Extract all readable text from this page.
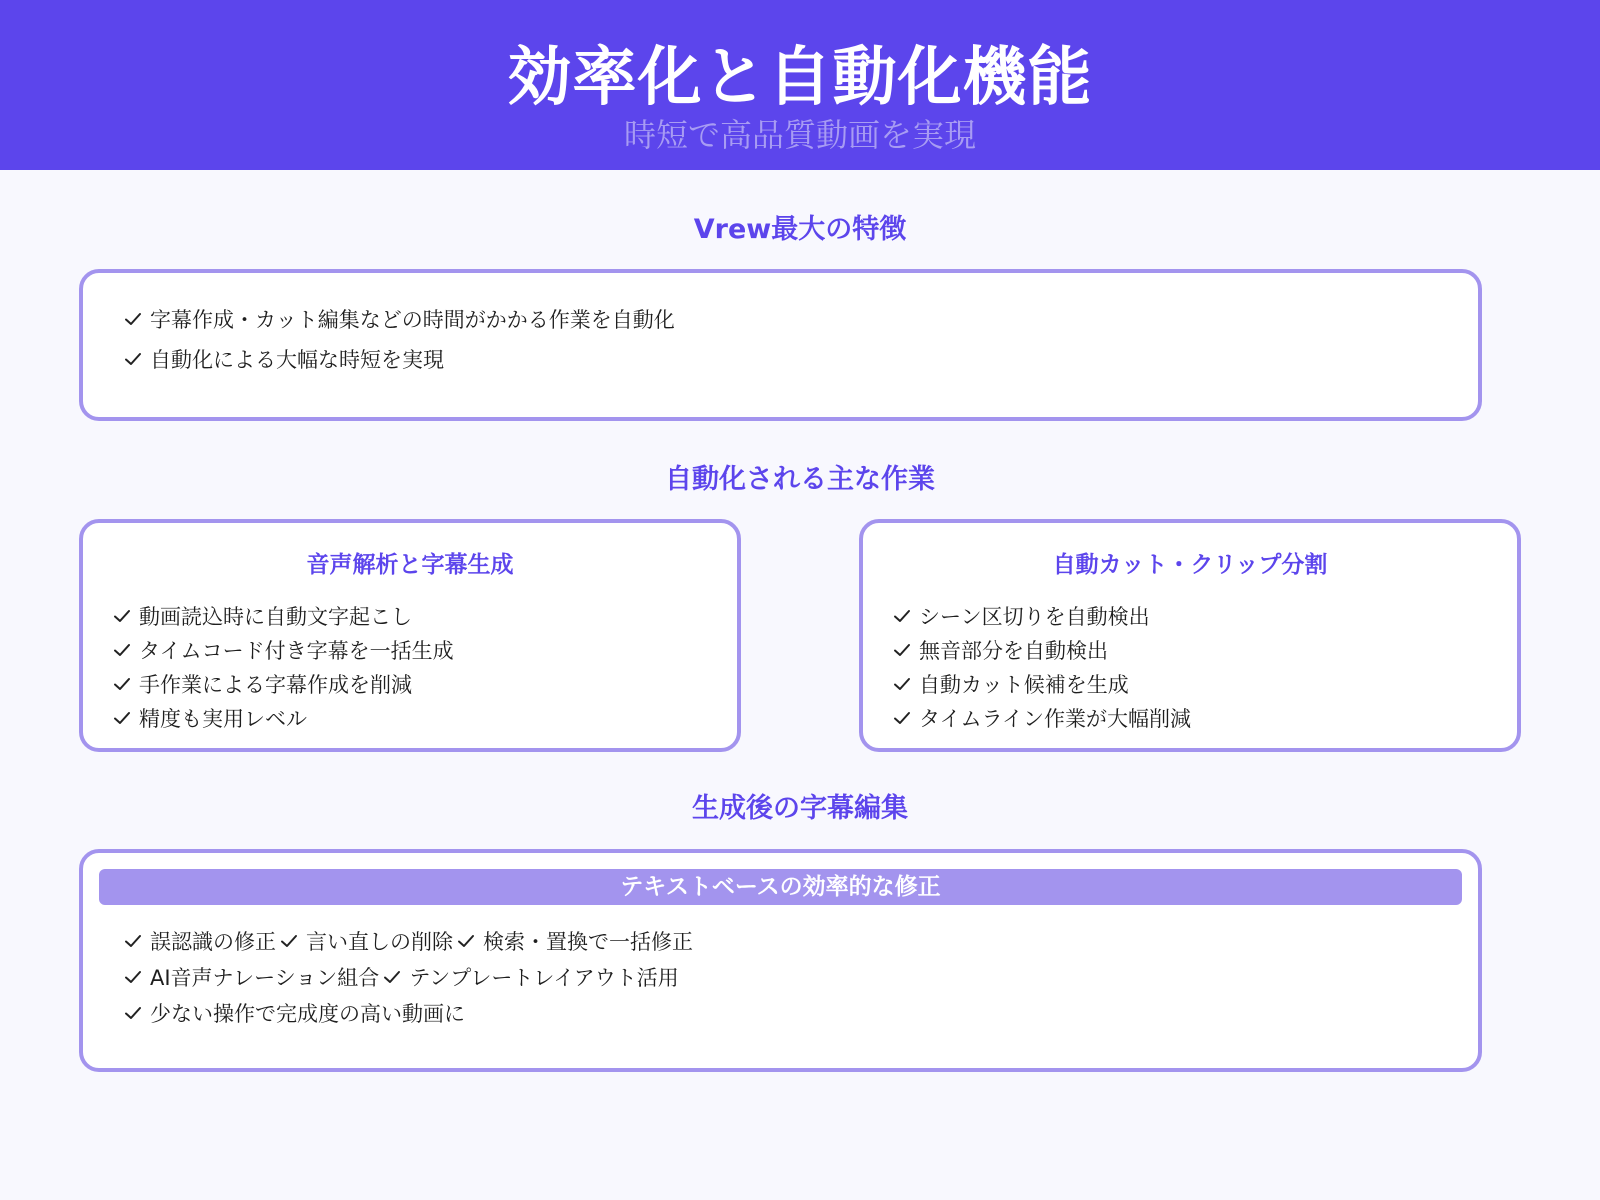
効率化と自動化機能
時短で高品質動画を実現
Vrew最大の特徴
字幕作成・カット編集などの時間がかかる作業を自動化
自動化による大幅な時短を実現
自動化される主な作業
音声解析と字幕生成
動画読込時に自動文字起こし
タイムコード付き字幕を一括生成
手作業による字幕作成を削減
精度も実用レベル
自動カット・クリップ分割
シーン区切りを自動検出
無音部分を自動検出
自動カット候補を生成
タイムライン作業が大幅削減
生成後の字幕編集
テキストベースの効率的な修正
誤認識の修正 言い直しの削除 検索・置換で一括修正
AI音声ナレーション組合 テンプレートレイアウト活用
少ない操作で完成度の高い動画に
